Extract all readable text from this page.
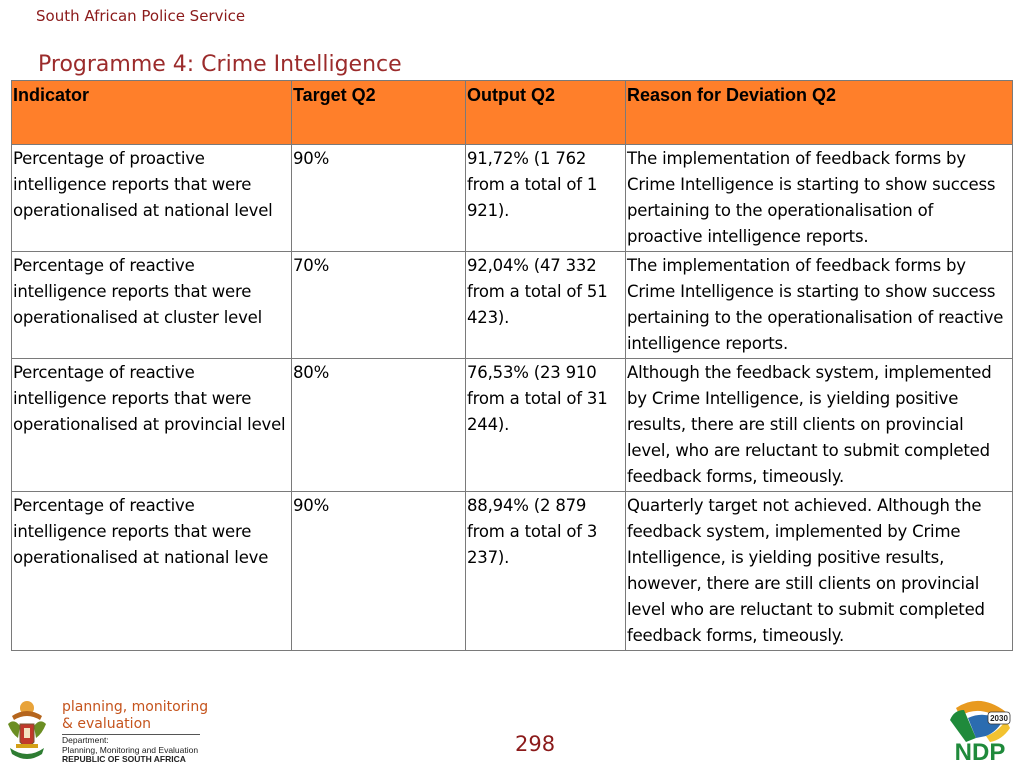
South African Police Service
Programme 4: Crime Intelligence
Indicator	Target Q2	Output Q2	Reason for Deviation Q2
Percentage of proactive intelligence reports that were operationalised at national level	90%	91,72% (1 762 from a total of 1 921).	The implementation of feedback forms by Crime Intelligence is starting to show success pertaining to the operationalisation of proactive intelligence reports.
Percentage of reactive intelligence reports that were operationalised at cluster level	70%	92,04% (47 332 from a total of 51 423).	The implementation of feedback forms by Crime Intelligence is starting to show success pertaining to the operationalisation of reactive intelligence reports.
Percentage of reactive intelligence reports that were operationalised at provincial level	80%	76,53% (23 910 from a total of 31 244).	Although the feedback system, implemented by Crime Intelligence, is yielding positive results, there are still clients on provincial level, who are reluctant to submit completed feedback forms, timeously.
Percentage of reactive intelligence reports that were operationalised at national leve	90%	88,94% (2 879 from a total of 3 237).	Quarterly target not achieved. Although the feedback system, implemented by Crime Intelligence, is yielding positive results, however, there are still clients on provincial level who are reluctant to submit completed feedback forms, timeously.
planning, monitoring
& evaluation
Department:
Planning, Monitoring and Evaluation
REPUBLIC OF SOUTH AFRICA
298
2030
NDP
